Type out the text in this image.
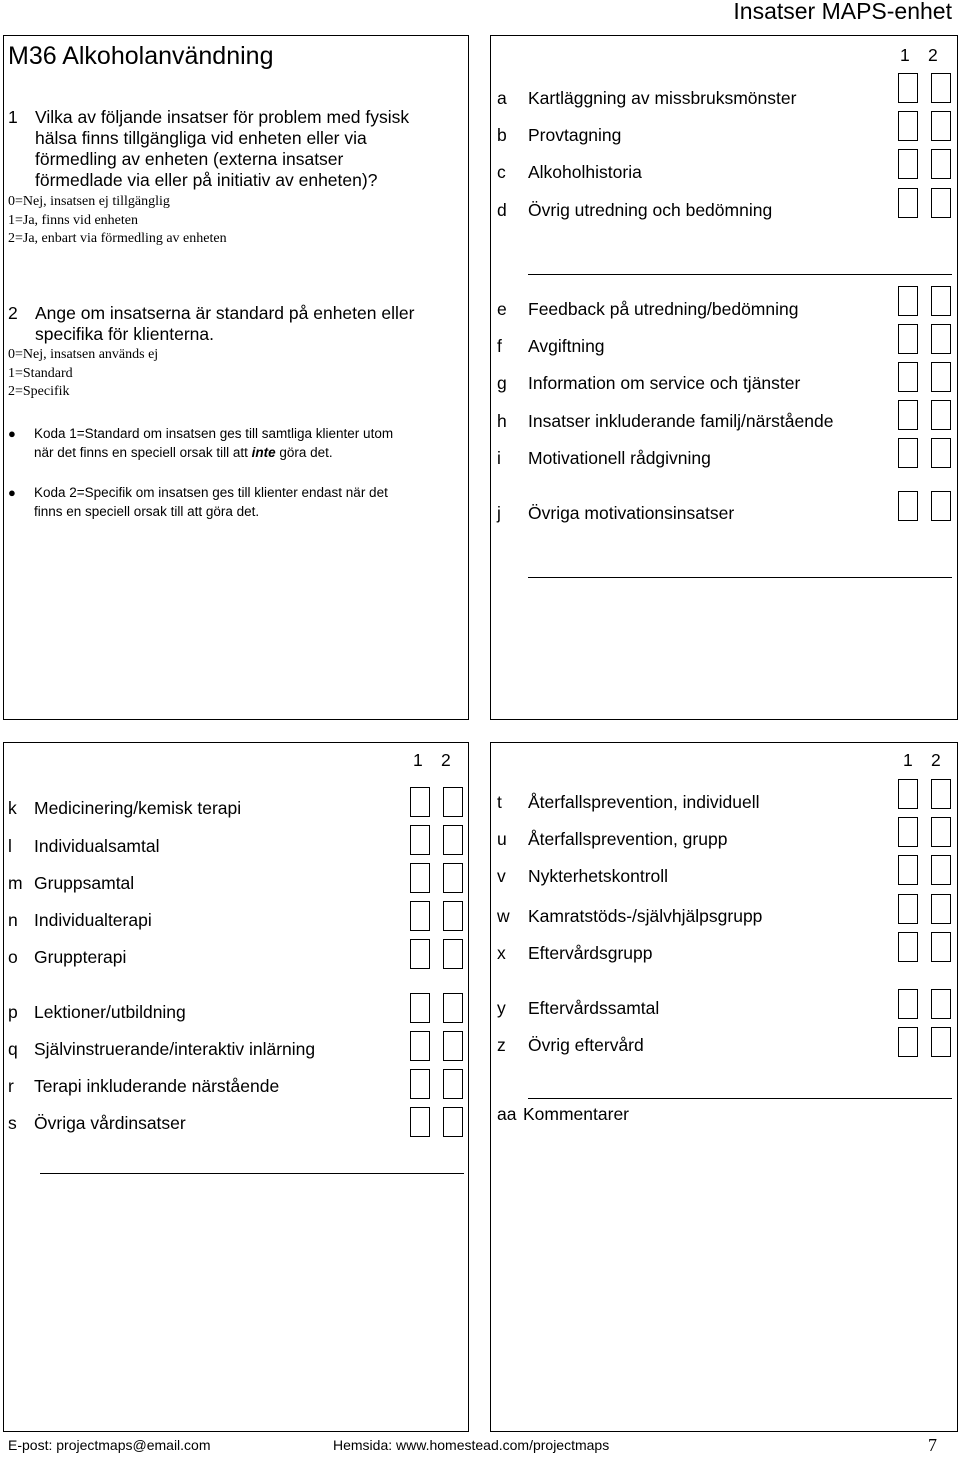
Insatser MAPS-enhet
M36 Alkoholanvändning
1 Vilka av följande insatser för problem med fysisk
hälsa finns tillgängliga vid enheten eller via
förmedling av enheten (externa insatser
förmedlade via eller på initiativ av enheten)?
0=Nej, insatsen ej tillgänglig
1=Ja, finns vid enheten
2=Ja, enbart via förmedling av enheten
2 Ange om insatserna är standard på enheten eller
specifika för klienterna.
0=Nej, insatsen används ej
1=Standard
2=Specifik
● Koda 1=Standard om insatsen ges till samtliga klienter utom
när det finns en speciell orsak till att inte göra det.
● Koda 2=Specifik om insatsen ges till klienter endast när det
finns en speciell orsak till att göra det.
1 2
1 2	1 2
a Kartläggning av missbruksmönster
b Provtagning
c Alkoholhistoria
d Övrig utredning och bedömning
e Feedback på utredning/bedömning
f Avgiftning
g Information om service och tjänster
h Insatser inkluderande familj/närstående
i Motivationell rådgivning
j Övriga motivationsinsatser
k Medicinering/kemisk terapi
l Individualsamtal
m Gruppsamtal
n Individualterapi
o Gruppterapi
p Lektioner/utbildning
q Självinstruerande/interaktiv inlärning
r Terapi inkluderande närstående
s Övriga vårdinsatser
t Återfallsprevention, individuell
u Återfallsprevention, grupp
v Nykterhetskontroll
w Kamratstöds-/självhjälpsgrupp
x Eftervårdsgrupp
y Eftervårdssamtal
z Övrig eftervård
aa Kommentarer
E-post: projectmaps@email.com	Hemsida: www.homestead.com/projectmaps	7
